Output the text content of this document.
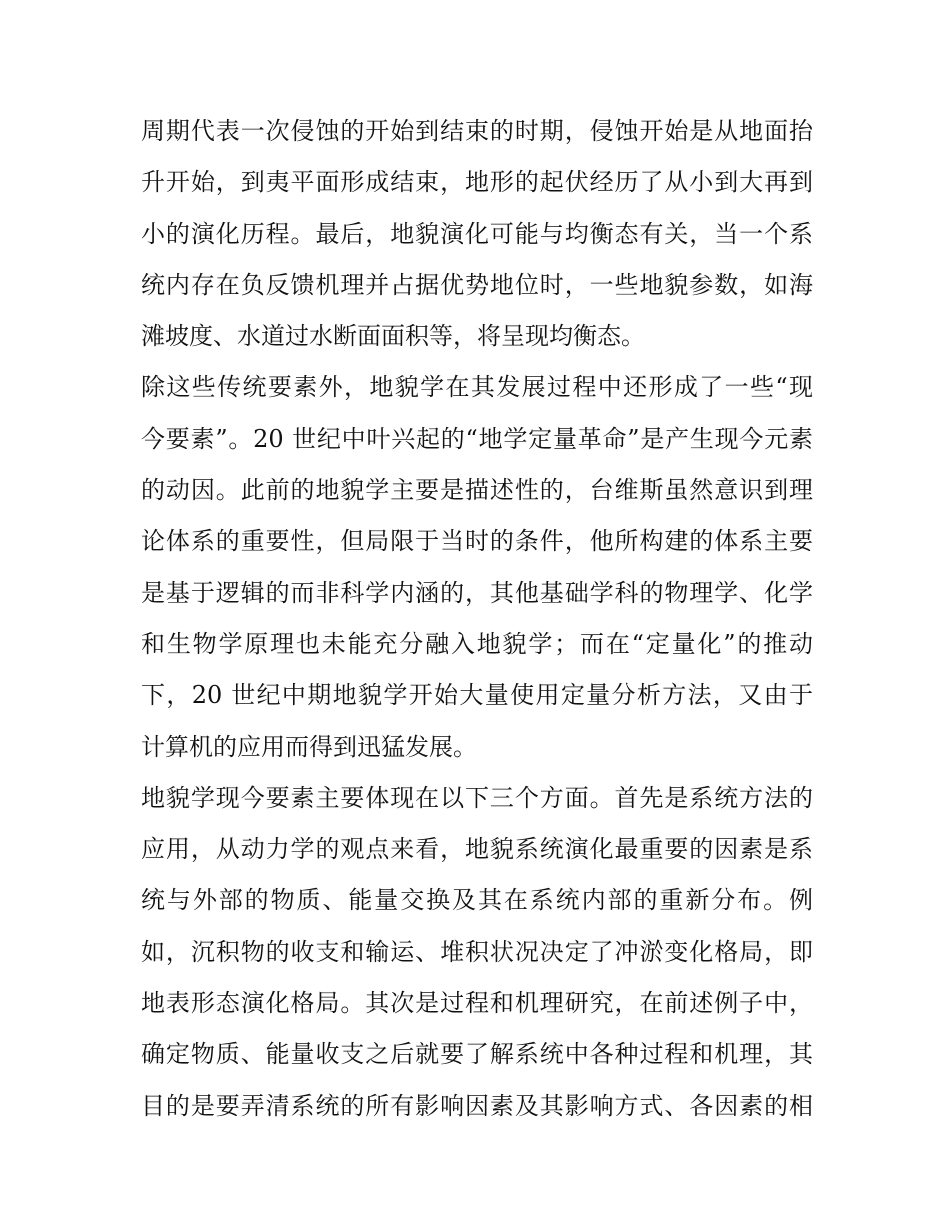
周期代表一次侵蚀的开始到结束的时期，侵蚀开始是从地面抬
升开始，到夷平面形成结束，地形的起伏经历了从小到大再到
小的演化历程。最后，地貌演化可能与均衡态有关，当一个系
统内存在负反馈机理并占据优势地位时，一些地貌参数，如海
滩坡度、水道过水断面面积等，将呈现均衡态。
除这些传统要素外，地貌学在其发展过程中还形成了一些“现
今要素”。20 世纪中叶兴起的“地学定量革命”是产生现今元素
的动因。此前的地貌学主要是描述性的，台维斯虽然意识到理
论体系的重要性，但局限于当时的条件，他所构建的体系主要
是基于逻辑的而非科学内涵的，其他基础学科的物理学、化学
和生物学原理也未能充分融入地貌学；而在“定量化”的推动
下，20 世纪中期地貌学开始大量使用定量分析方法，又由于
计算机的应用而得到迅猛发展。
地貌学现今要素主要体现在以下三个方面。首先是系统方法的
应用，从动力学的观点来看，地貌系统演化最重要的因素是系
统与外部的物质、能量交换及其在系统内部的重新分布。例
如，沉积物的收支和输运、堆积状况决定了冲淤变化格局，即
地表形态演化格局。其次是过程和机理研究，在前述例子中，
确定物质、能量收支之后就要了解系统中各种过程和机理，其
目的是要弄清系统的所有影响因素及其影响方式、各因素的相
